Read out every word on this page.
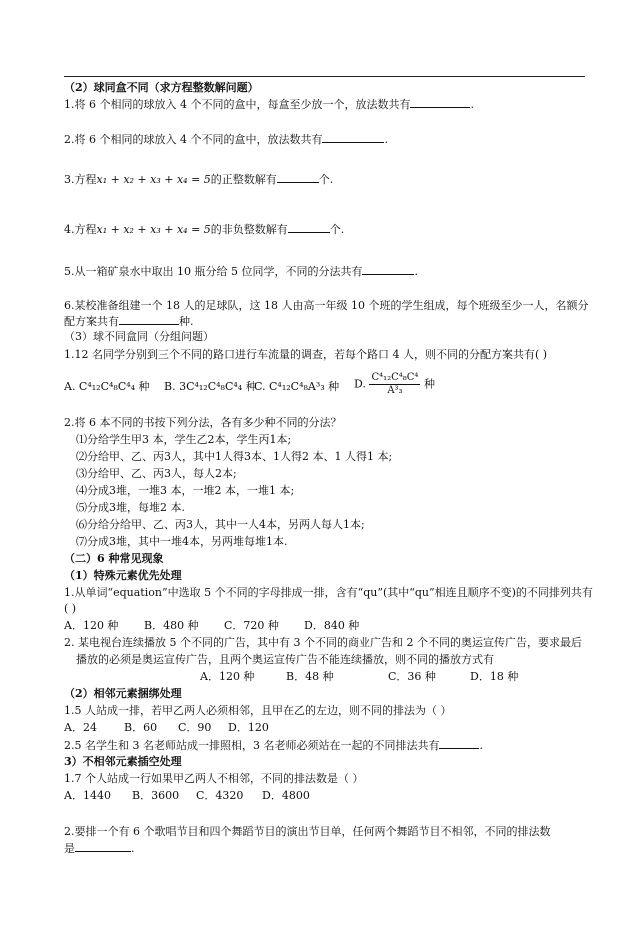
（2）球同盒不同（求方程整数解问题）
1.将 6 个相同的球放入 4 个不同的盒中，每盒至少放一个，放法数共有	.
2.将 6 个相同的球放入 4 个不同的盒中，放法数共有	.
3.方程x₁ + x₂ + x₃ + x₄ = 5的正整数解有	个.
4.方程x₁ + x₂ + x₃ + x₄ = 5的非负整数解有	个.
5.从一箱矿泉水中取出 10 瓶分给 5 位同学，不同的分法共有	.
6.某校准备组建一个 18 人的足球队，这 18 人由高一年级 10 个班的学生组成，每个班级至少一人，名额分
配方案共有	种.
（3）球不同盒同（分组问题）
1.12 名同学分别到三个不同的路口进行车流量的调查，若每个路口 4 人，则不同的分配方案共有( )
A. C⁴₁₂C⁴₈C⁴₄ 种 B. 3C⁴₁₂C⁴₈C⁴₄ 种
C. C⁴₁₂C⁴₈A³₃ 种 D. $\frac{\text{C⁴₁₂C⁴₈C⁴}}{\text{A³₃}}$ 种
2.将 6 本不同的书按下列分法，各有多少种不同的分法？
⑴分给学生甲3 本，学生乙2本，学生丙1本;
⑵分给甲、乙、丙3人，其中1人得3本、1人得2 本、1 人得1 本;
⑶分给甲、乙、丙3人，每人2本;
⑷分成3堆，一堆3 本，一堆2 本，一堆1 本;
⑸分成3堆，每堆2 本.
⑹分给分给甲、乙、丙3人，其中一人4本，另两人每人1本;
⑺分成3堆，其中一堆4本，另两堆每堆1本.
（二）6 种常见现象
（1）特殊元素优先处理
1.从单词“equation”中选取 5 个不同的字母排成一排，含有“qu”(其中“qu”相连且顺序不变)的不同排列共有
( )
A．120 种 B．480 种 C．720 种 D．840 种
2. 某电视台连续播放 5 个不同的广告，其中有 3 个不同的商业广告和 2 个不同的奥运宣传广告，要求最后
播放的必须是奥运宣传广告，且两个奥运宣传广告不能连续播放，则不同的播放方式有
A．120 种	B．48 种	C．36 种	D．18 种
（2）相邻元素捆绑处理
1.5 人站成一排，若甲乙两人必须相邻，且甲在乙的左边，则不同的排法为（ ）
A．24 B．60 C．90 D．120
2.5 名学生和 3 名老师站成一排照相，3 名老师必须站在一起的不同排法共有	.
3）不相邻元素插空处理
1.7 个人站成一行如果甲乙两人不相邻，不同的排法数是（ ）
A．1440 B．3600 C．4320 D．4800
2.要排一个有 6 个歌唱节目和四个舞蹈节目的演出节目单，任何两个舞蹈节目不相邻，不同的排法数
是	.
